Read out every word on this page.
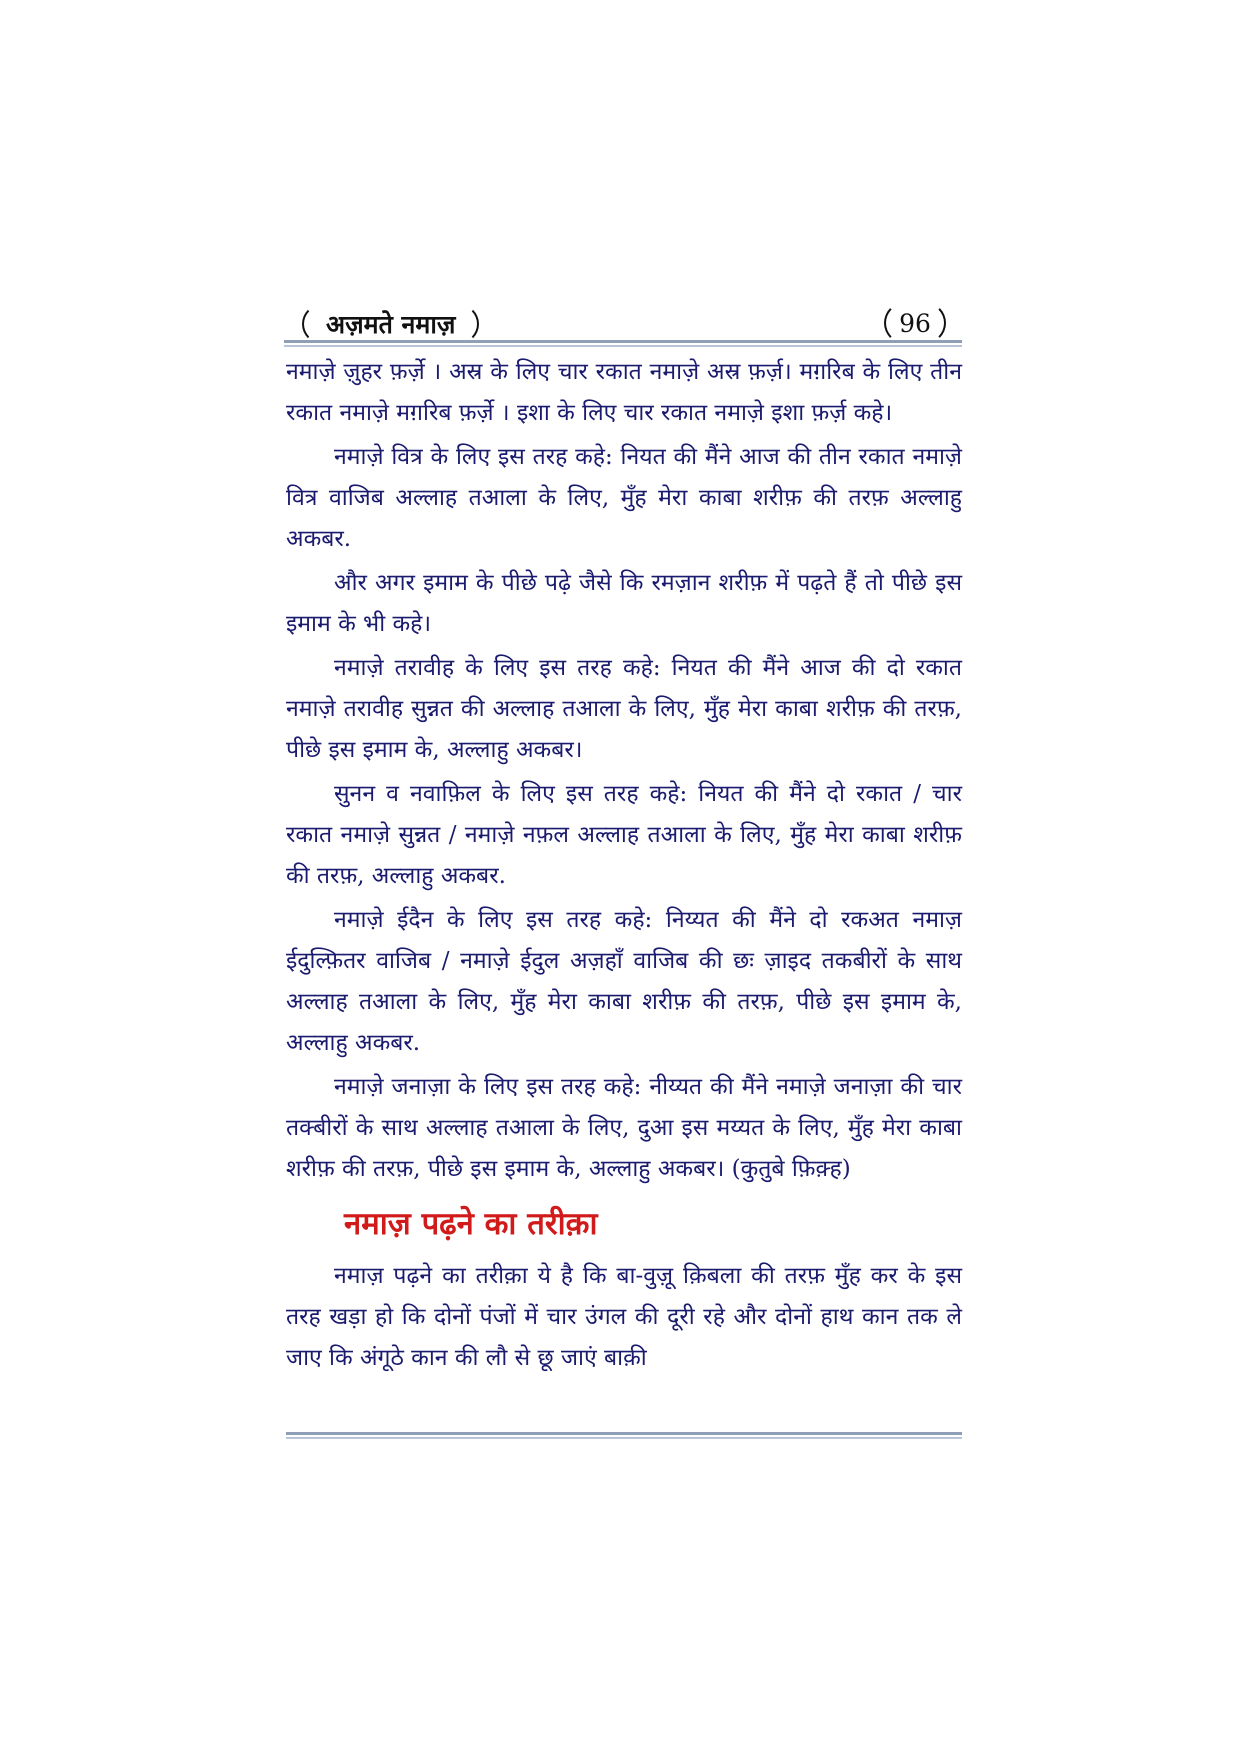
अज़मते नमाज़	96

नमाज़े ज़ुहर फ़र्ज़े । अस्र के लिए चार रकात नमाज़े अस्र फ़र्ज़। मग़रिब के लिए तीन रकात नमाज़े मग़रिब फ़र्ज़े । इशा के लिए चार रकात नमाज़े इशा फ़र्ज़ कहे।

नमाज़े वित्र के लिए इस तरह कहे: नियत की मैंने आज की तीन रकात नमाज़े वित्र वाजिब अल्लाह तआला के लिए, मुँह मेरा काबा शरीफ़ की तरफ़ अल्लाहु अकबर.

और अगर इमाम के पीछे पढ़े जैसे कि रमज़ान शरीफ़ में पढ़ते हैं तो पीछे इस इमाम के भी कहे।

नमाज़े तरावीह के लिए इस तरह कहे: नियत की मैंने आज की दो रकात नमाज़े तरावीह सुन्नत की अल्लाह तआला के लिए, मुँह मेरा काबा शरीफ़ की तरफ़, पीछे इस इमाम के, अल्लाहु अकबर।

सुनन व नवाफ़िल के लिए इस तरह कहे: नियत की मैंने दो रकात / चार रकात नमाज़े सुन्नत / नमाज़े नफ़ल अल्लाह तआला के लिए, मुँह मेरा काबा शरीफ़ की तरफ़, अल्लाहु अकबर.

नमाज़े ईदैन के लिए इस तरह कहे: निय्यत की मैंने दो रकअत नमाज़ ईदुल्फ़ितर वाजिब / नमाज़े ईदुल अज़हाँ वाजिब की छः ज़ाइद तकबीरों के साथ अल्लाह तआला के लिए, मुँह मेरा काबा शरीफ़ की तरफ़, पीछे इस इमाम के, अल्लाहु अकबर.

नमाज़े जनाज़ा के लिए इस तरह कहे: नीय्यत की मैंने नमाज़े जनाज़ा की चार तक्बीरों के साथ अल्लाह तआला के लिए, दुआ इस मय्यत के लिए, मुँह मेरा काबा शरीफ़ की तरफ़, पीछे इस इमाम के, अल्लाहु अकबर। (कुतुबे फ़िक़्ह)

नमाज़ पढ़ने का तरीक़ा

नमाज़ पढ़ने का तरीक़ा ये है कि बा-वुज़ू क़िबला की तरफ़ मुँह कर के इस तरह खड़ा हो कि दोनों पंजों में चार उंगल की दूरी रहे और दोनों हाथ कान तक ले जाए कि अंगूठे कान की लौ से छू जाएं बाक़ी
